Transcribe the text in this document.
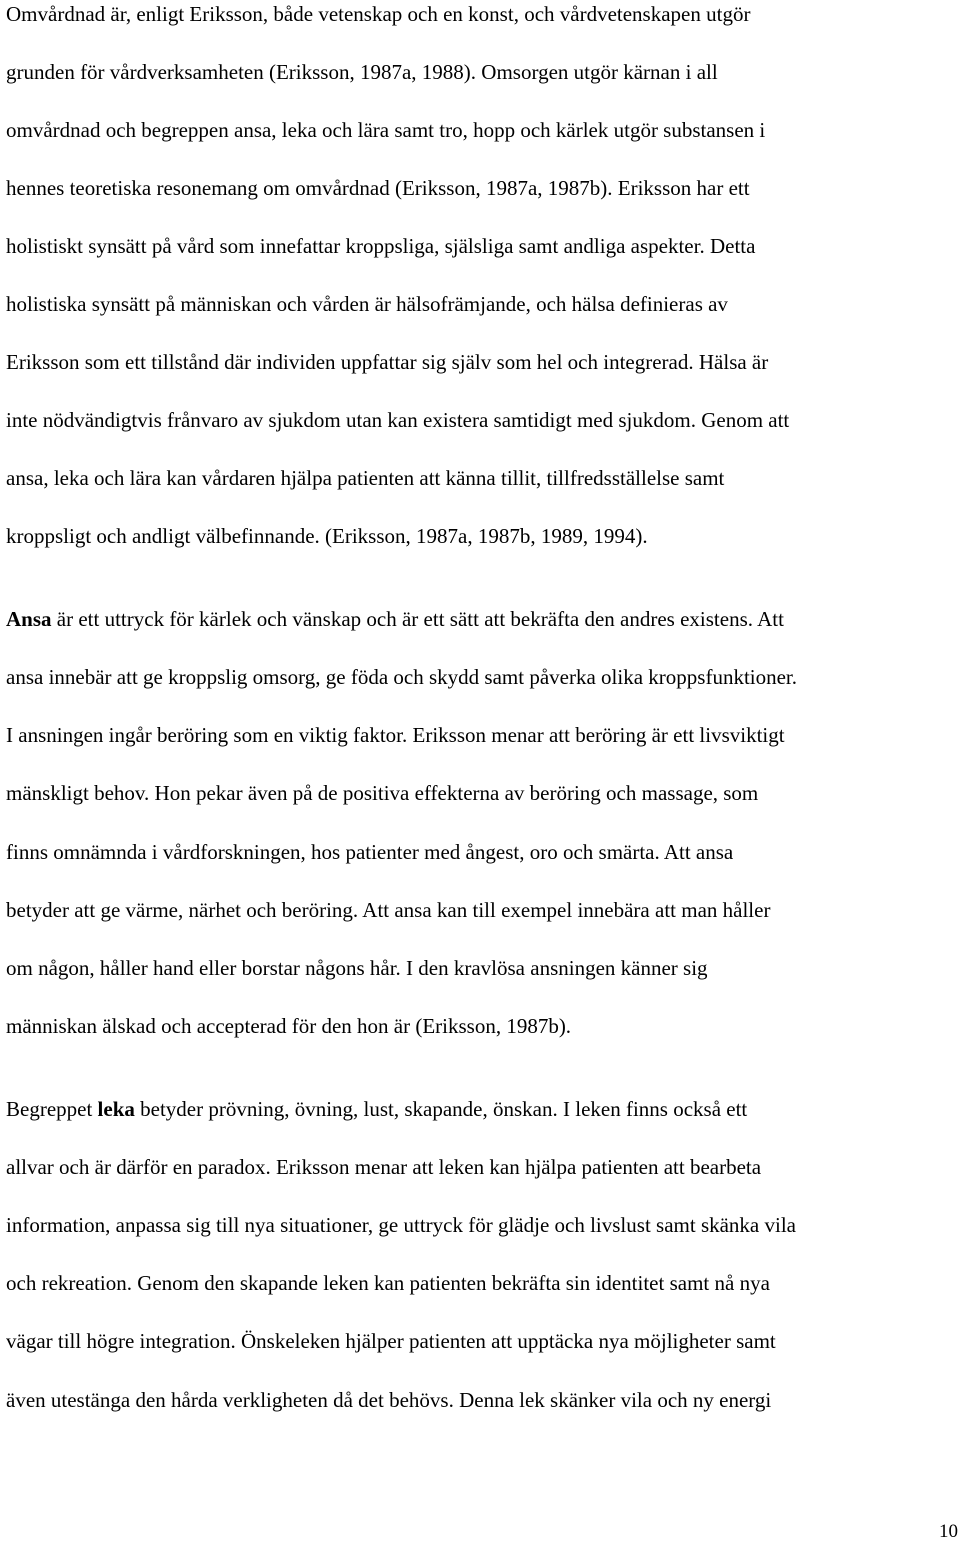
Omvårdnad är, enligt Eriksson, både vetenskap och en konst, och vårdvetenskapen utgör
grunden för vårdverksamheten (Eriksson, 1987a, 1988). Omsorgen utgör kärnan i all
omvårdnad och begreppen ansa, leka och lära samt tro, hopp och kärlek utgör substansen i
hennes teoretiska resonemang om omvårdnad (Eriksson, 1987a, 1987b). Eriksson har ett
holistiskt synsätt på vård som innefattar kroppsliga, själsliga samt andliga aspekter. Detta
holistiska synsätt på människan och vården är hälsofrämjande, och hälsa definieras av
Eriksson som ett tillstånd där individen uppfattar sig själv som hel och integrerad. Hälsa är
inte nödvändigtvis frånvaro av sjukdom utan kan existera samtidigt med sjukdom. Genom att
ansa, leka och lära kan vårdaren hjälpa patienten att känna tillit, tillfredsställelse samt
kroppsligt och andligt välbefinnande. (Eriksson, 1987a, 1987b, 1989, 1994).
Ansa är ett uttryck för kärlek och vänskap och är ett sätt att bekräfta den andres existens. Att
ansa innebär att ge kroppslig omsorg, ge föda och skydd samt påverka olika kroppsfunktioner.
I ansningen ingår beröring som en viktig faktor. Eriksson menar att beröring är ett livsviktigt
mänskligt behov. Hon pekar även på de positiva effekterna av beröring och massage, som
finns omnämnda i vårdforskningen, hos patienter med ångest, oro och smärta. Att ansa
betyder att ge värme, närhet och beröring. Att ansa kan till exempel innebära att man håller
om någon, håller hand eller borstar någons hår. I den kravlösa ansningen känner sig
människan älskad och accepterad för den hon är (Eriksson, 1987b).
Begreppet leka betyder prövning, övning, lust, skapande, önskan. I leken finns också ett
allvar och är därför en paradox. Eriksson menar att leken kan hjälpa patienten att bearbeta
information, anpassa sig till nya situationer, ge uttryck för glädje och livslust samt skänka vila
och rekreation. Genom den skapande leken kan patienten bekräfta sin identitet samt nå nya
vägar till högre integration. Önskeleken hjälper patienten att upptäcka nya möjligheter samt
även utestänga den hårda verkligheten då det behövs. Denna lek skänker vila och ny energi
10
